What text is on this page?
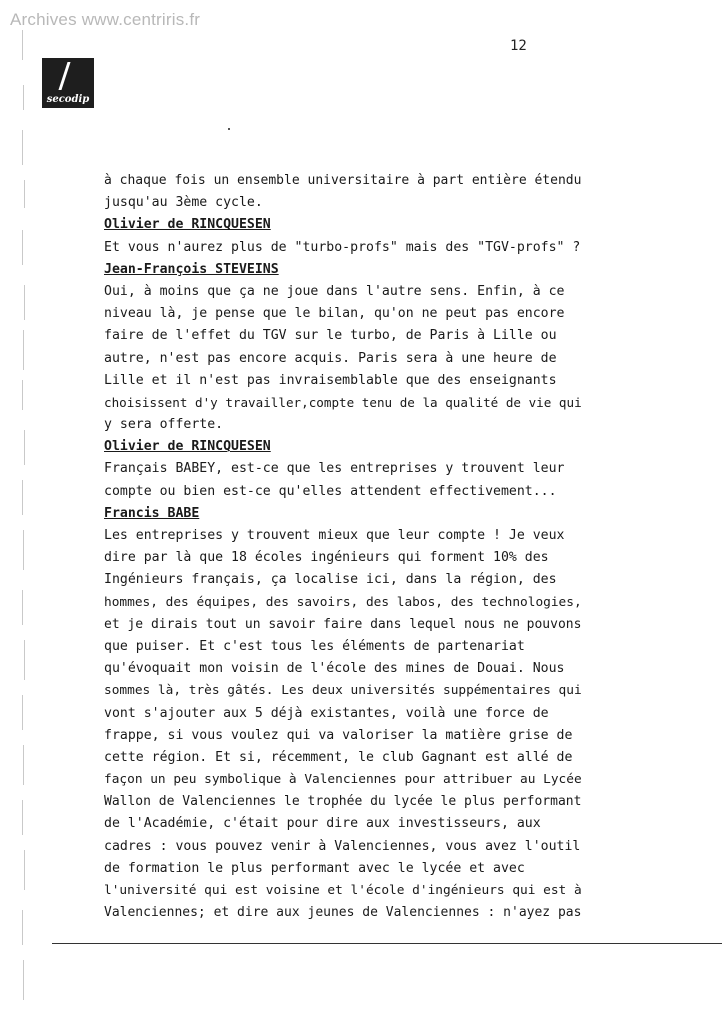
Archives www.centriris.fr
secodip
12
à chaque fois un ensemble universitaire à part entière étendu
jusqu'au 3ème cycle.
Olivier de RINCQUESEN
Et vous n'aurez plus de "turbo-profs" mais des "TGV-profs" ?
Jean-François STEVEINS
Oui, à moins que ça ne joue dans l'autre sens. Enfin, à ce
niveau là, je pense que le bilan, qu'on ne peut pas encore
faire de l'effet du TGV sur le turbo, de Paris à Lille ou
autre, n'est pas encore acquis. Paris sera à une heure de
Lille et il n'est pas invraisemblable que des enseignants
choisissent d'y travailler,compte tenu de la qualité de vie qui
y sera offerte.
Olivier de RINCQUESEN
Français BABEY, est-ce que les entreprises y trouvent leur
compte ou bien est-ce qu'elles attendent effectivement...
Francis BABE
Les entreprises y trouvent mieux que leur compte ! Je veux
dire par là que 18 écoles ingénieurs qui forment 10% des
Ingénieurs français, ça localise ici, dans la région, des
hommes, des équipes, des savoirs, des labos, des technologies,
et je dirais tout un savoir faire dans lequel nous ne pouvons
que puiser. Et c'est tous les éléments de partenariat
qu'évoquait mon voisin de l'école des mines de Douai. Nous
sommes là, très gâtés. Les deux universités suppémentaires qui
vont s'ajouter aux 5 déjà existantes, voilà une force de
frappe, si vous voulez qui va valoriser la matière grise de
cette région. Et si, récemment, le club Gagnant est allé de
façon un peu symbolique à Valenciennes pour attribuer au Lycée
Wallon de Valenciennes le trophée du lycée le plus performant
de l'Académie, c'était pour dire aux investisseurs, aux
cadres : vous pouvez venir à Valenciennes, vous avez l'outil
de formation le plus performant avec le lycée et avec
l'université qui est voisine et l'école d'ingénieurs qui est à
Valenciennes; et dire aux jeunes de Valenciennes : n'ayez pas
